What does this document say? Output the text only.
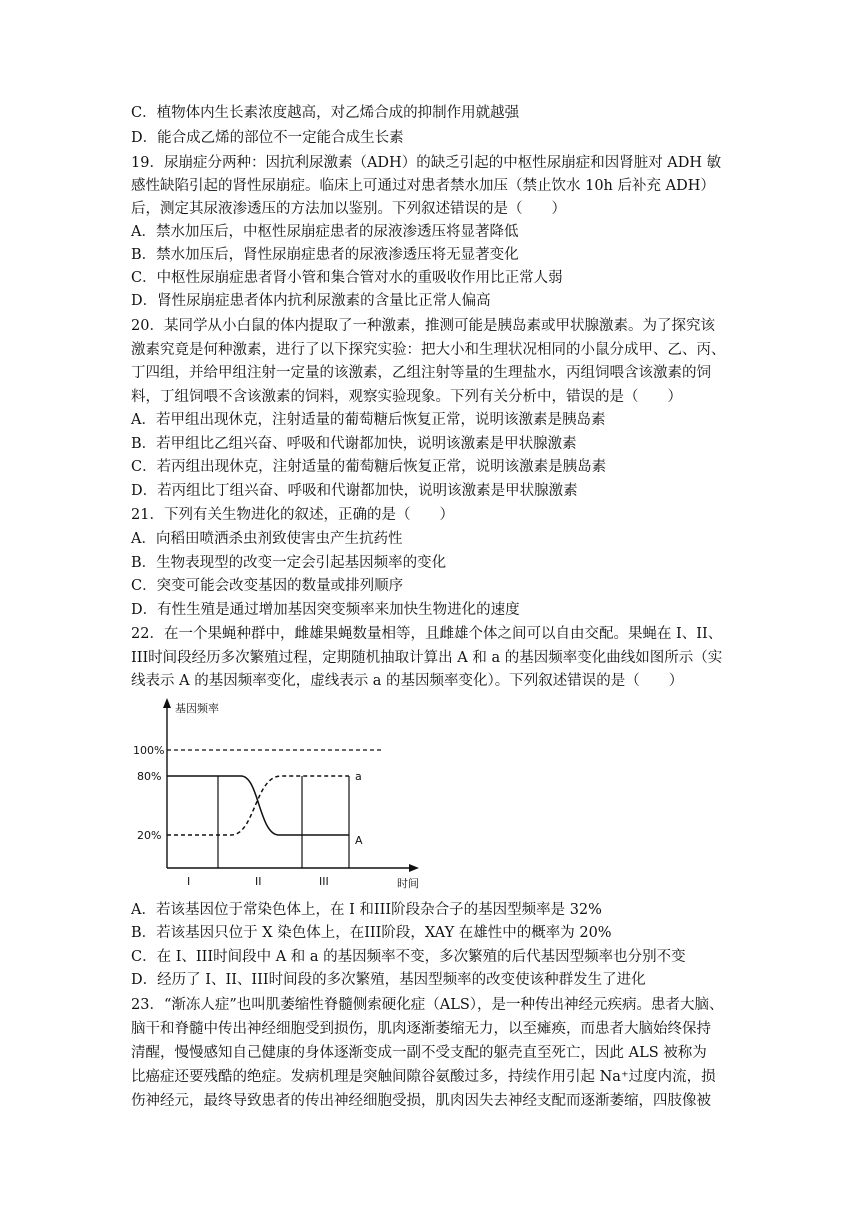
C．植物体内生长素浓度越高，对乙烯合成的抑制作用就越强
D．能合成乙烯的部位不一定能合成生长素
19．尿崩症分两种：因抗利尿激素（ADH）的缺乏引起的中枢性尿崩症和因肾脏对 ADH 敏
感性缺陷引起的肾性尿崩症。临床上可通过对患者禁水加压（禁止饮水 10h 后补充 ADH）
后，测定其尿液渗透压的方法加以鉴别。下列叙述错误的是（　　）
A．禁水加压后，中枢性尿崩症患者的尿液渗透压将显著降低
B．禁水加压后，肾性尿崩症患者的尿液渗透压将无显著变化
C．中枢性尿崩症患者肾小管和集合管对水的重吸收作用比正常人弱
D．肾性尿崩症患者体内抗利尿激素的含量比正常人偏高
20．某同学从小白鼠的体内提取了一种激素，推测可能是胰岛素或甲状腺激素。为了探究该
激素究竟是何种激素，进行了以下探究实验：把大小和生理状况相同的小鼠分成甲、乙、丙、
丁四组，并给甲组注射一定量的该激素，乙组注射等量的生理盐水，丙组饲喂含该激素的饲
料，丁组饲喂不含该激素的饲料，观察实验现象。下列有关分析中，错误的是（　　）
A．若甲组出现休克，注射适量的葡萄糖后恢复正常，说明该激素是胰岛素
B．若甲组比乙组兴奋、呼吸和代谢都加快，说明该激素是甲状腺激素
C．若丙组出现休克，注射适量的葡萄糖后恢复正常，说明该激素是胰岛素
D．若丙组比丁组兴奋、呼吸和代谢都加快，说明该激素是甲状腺激素
21．下列有关生物进化的叙述，正确的是（　　）
A．向稻田喷洒杀虫剂致使害虫产生抗药性
B．生物表现型的改变一定会引起基因频率的变化
C．突变可能会改变基因的数量或排列顺序
D．有性生殖是通过增加基因突变频率来加快生物进化的速度
22．在一个果蝇种群中，雌雄果蝇数量相等，且雌雄个体之间可以自由交配。果蝇在 I、II、
III时间段经历多次繁殖过程，定期随机抽取计算出 A 和 a 的基因频率变化曲线如图所示（实
线表示 A 的基因频率变化，虚线表示 a 的基因频率变化）。下列叙述错误的是（　　）
基因频率
时间
100%
80%
20%
a
A
I	II	III
A．若该基因位于常染色体上，在 I 和III阶段杂合子的基因型频率是 32%
B．若该基因只位于 X 染色体上，在III阶段，XAY 在雄性中的概率为 20%
C．在 I、III时间段中 A 和 a 的基因频率不变，多次繁殖的后代基因型频率也分别不变
D．经历了 I、II、III时间段的多次繁殖，基因型频率的改变使该种群发生了进化
23．“渐冻人症”也叫肌萎缩性脊髓侧索硬化症（ALS），是一种传出神经元疾病。患者大脑、
脑干和脊髓中传出神经细胞受到损伤，肌肉逐渐萎缩无力，以至瘫痪，而患者大脑始终保持
清醒，慢慢感知自己健康的身体逐渐变成一副不受支配的躯壳直至死亡，因此 ALS 被称为
比癌症还要残酷的绝症。发病机理是突触间隙谷氨酸过多，持续作用引起 Na⁺过度内流，损
伤神经元，最终导致患者的传出神经细胞受损，肌肉因失去神经支配而逐渐萎缩，四肢像被
